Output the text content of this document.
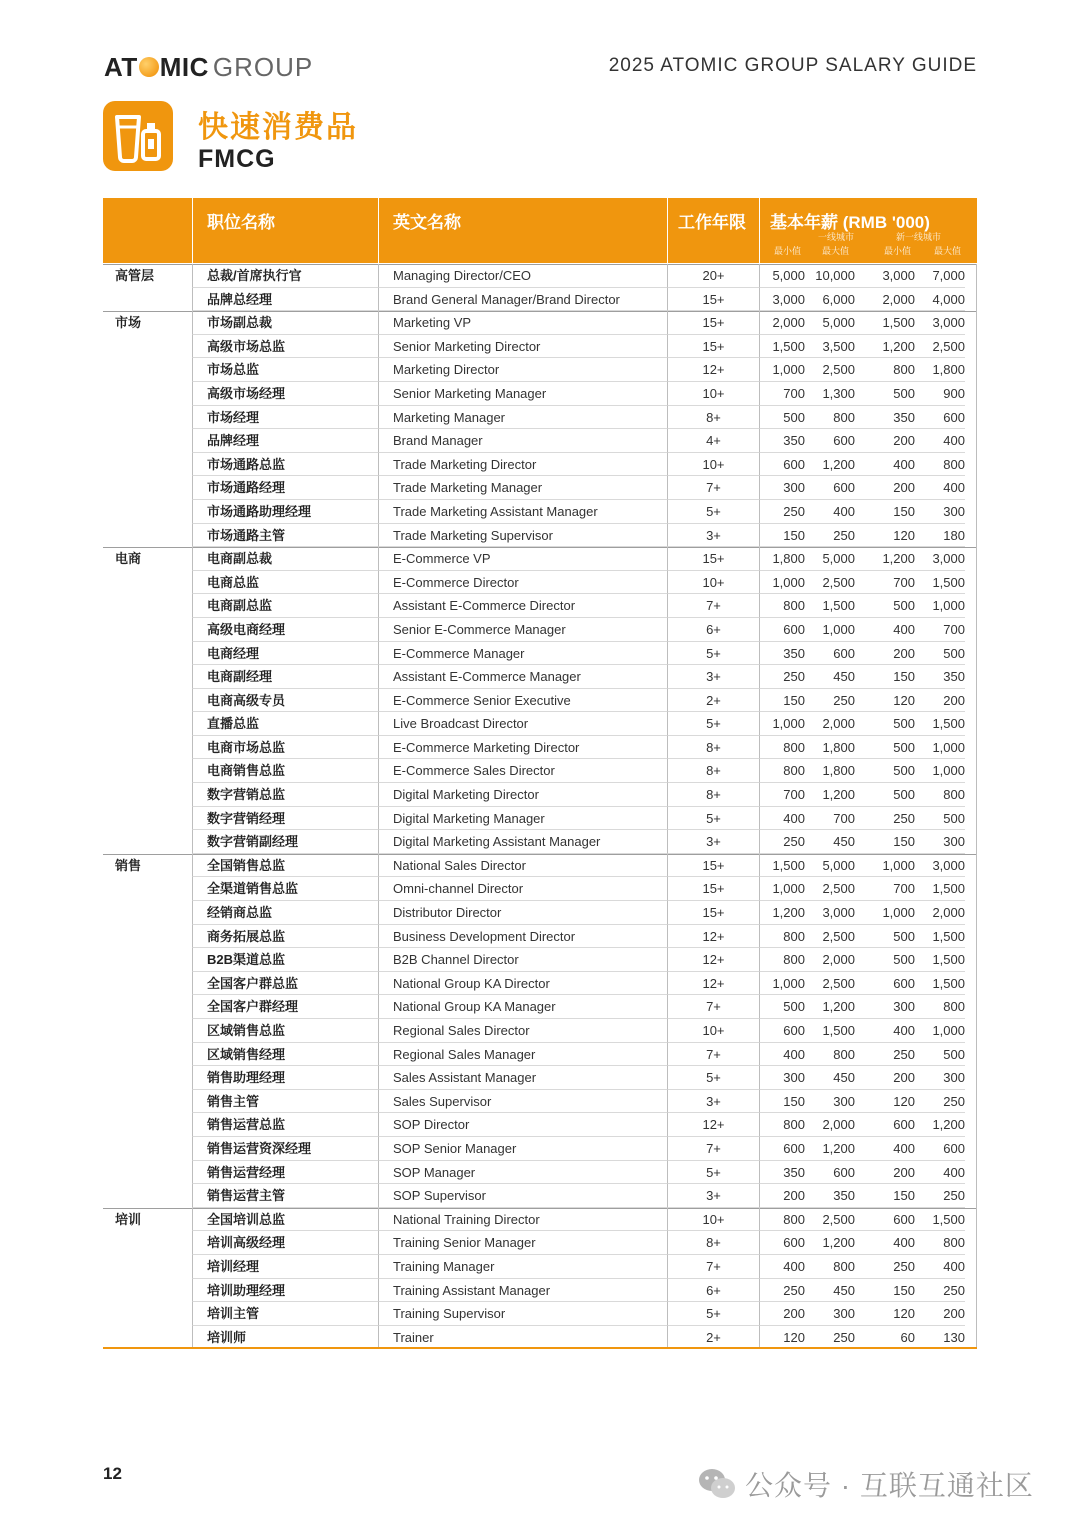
AT MIC GROUP	2025 ATOMIC GROUP SALARY GUIDE
快速消费品
FMCG
职位名称	英文名称	工作年限	基本年薪 (RMB '000)
一线城市	新一线城市
最小值 最大值	最小值	最大值
高管层	总裁/首席执行官	Managing Director/CEO	20+	5,000 10,000	3,000	7,000
品牌总经理	Brand General Manager/Brand Director	15+	3,000	6,000	2,000	4,000
市场	市场副总裁	Marketing VP	15+	2,000	5,000	1,500	3,000
高级市场总监	Senior Marketing Director	15+	1,500	3,500	1,200	2,500
市场总监	Marketing Director	12+	1,000	2,500	800	1,800
高级市场经理	Senior Marketing Manager	10+	700	1,300	500	900
市场经理	Marketing Manager	8+	500	800	350	600
品牌经理	Brand Manager	4+	350	600	200	400
市场通路总监	Trade Marketing Director	10+	600	1,200	400	800
市场通路经理	Trade Marketing Manager	7+	300	600	200	400
市场通路助理经理	Trade Marketing Assistant Manager	5+	250	400	150	300
市场通路主管	Trade Marketing Supervisor	3+	150	250	120	180
电商	电商副总裁	E-Commerce VP	15+	1,800	5,000	1,200	3,000
电商总监	E-Commerce Director	10+	1,000	2,500	700	1,500
电商副总监	Assistant E-Commerce Director	7+	800	1,500	500	1,000
高级电商经理	Senior E-Commerce Manager	6+	600	1,000	400	700
电商经理	E-Commerce Manager	5+	350	600	200	500
电商副经理	Assistant E-Commerce Manager	3+	250	450	150	350
电商高级专员	E-Commerce Senior Executive	2+	150	250	120	200
直播总监	Live Broadcast Director	5+	1,000	2,000	500	1,500
电商市场总监	E-Commerce Marketing Director	8+	800	1,800	500	1,000
电商销售总监	E-Commerce Sales Director	8+	800	1,800	500	1,000
数字营销总监	Digital Marketing Director	8+	700	1,200	500	800
数字营销经理	Digital Marketing Manager	5+	400	700	250	500
数字营销副经理	Digital Marketing Assistant Manager	3+	250	450	150	300
销售	全国销售总监	National Sales Director	15+	1,500	5,000	1,000	3,000
全渠道销售总监	Omni-channel Director	15+	1,000	2,500	700	1,500
经销商总监	Distributor Director	15+	1,200	3,000	1,000	2,000
商务拓展总监	Business Development Director	12+	800	2,500	500	1,500
B2B渠道总监	B2B Channel Director	12+	800	2,000	500	1,500
全国客户群总监	National Group KA Director	12+	1,000	2,500	600	1,500
全国客户群经理	National Group KA Manager	7+	500	1,200	300	800
区域销售总监	Regional Sales Director	10+	600	1,500	400	1,000
区域销售经理	Regional Sales Manager	7+	400	800	250	500
销售助理经理	Sales Assistant Manager	5+	300	450	200	300
销售主管	Sales Supervisor	3+	150	300	120	250
销售运营总监	SOP Director	12+	800	2,000	600	1,200
销售运营资深经理	SOP Senior Manager	7+	600	1,200	400	600
销售运营经理	SOP Manager	5+	350	600	200	400
销售运营主管	SOP Supervisor	3+	200	350	150	250
培训	全国培训总监	National Training Director	10+	800	2,500	600	1,500
培训高级经理	Training Senior Manager	8+	600	1,200	400	800
培训经理	Training Manager	7+	400	800	250	400
培训助理经理	Training Assistant Manager	6+	250	450	150	250
培训主管	Training Supervisor	5+	200	300	120	200
培训师	Trainer	2+	120	250	60	130
12	公众号 · 互联互通社区
